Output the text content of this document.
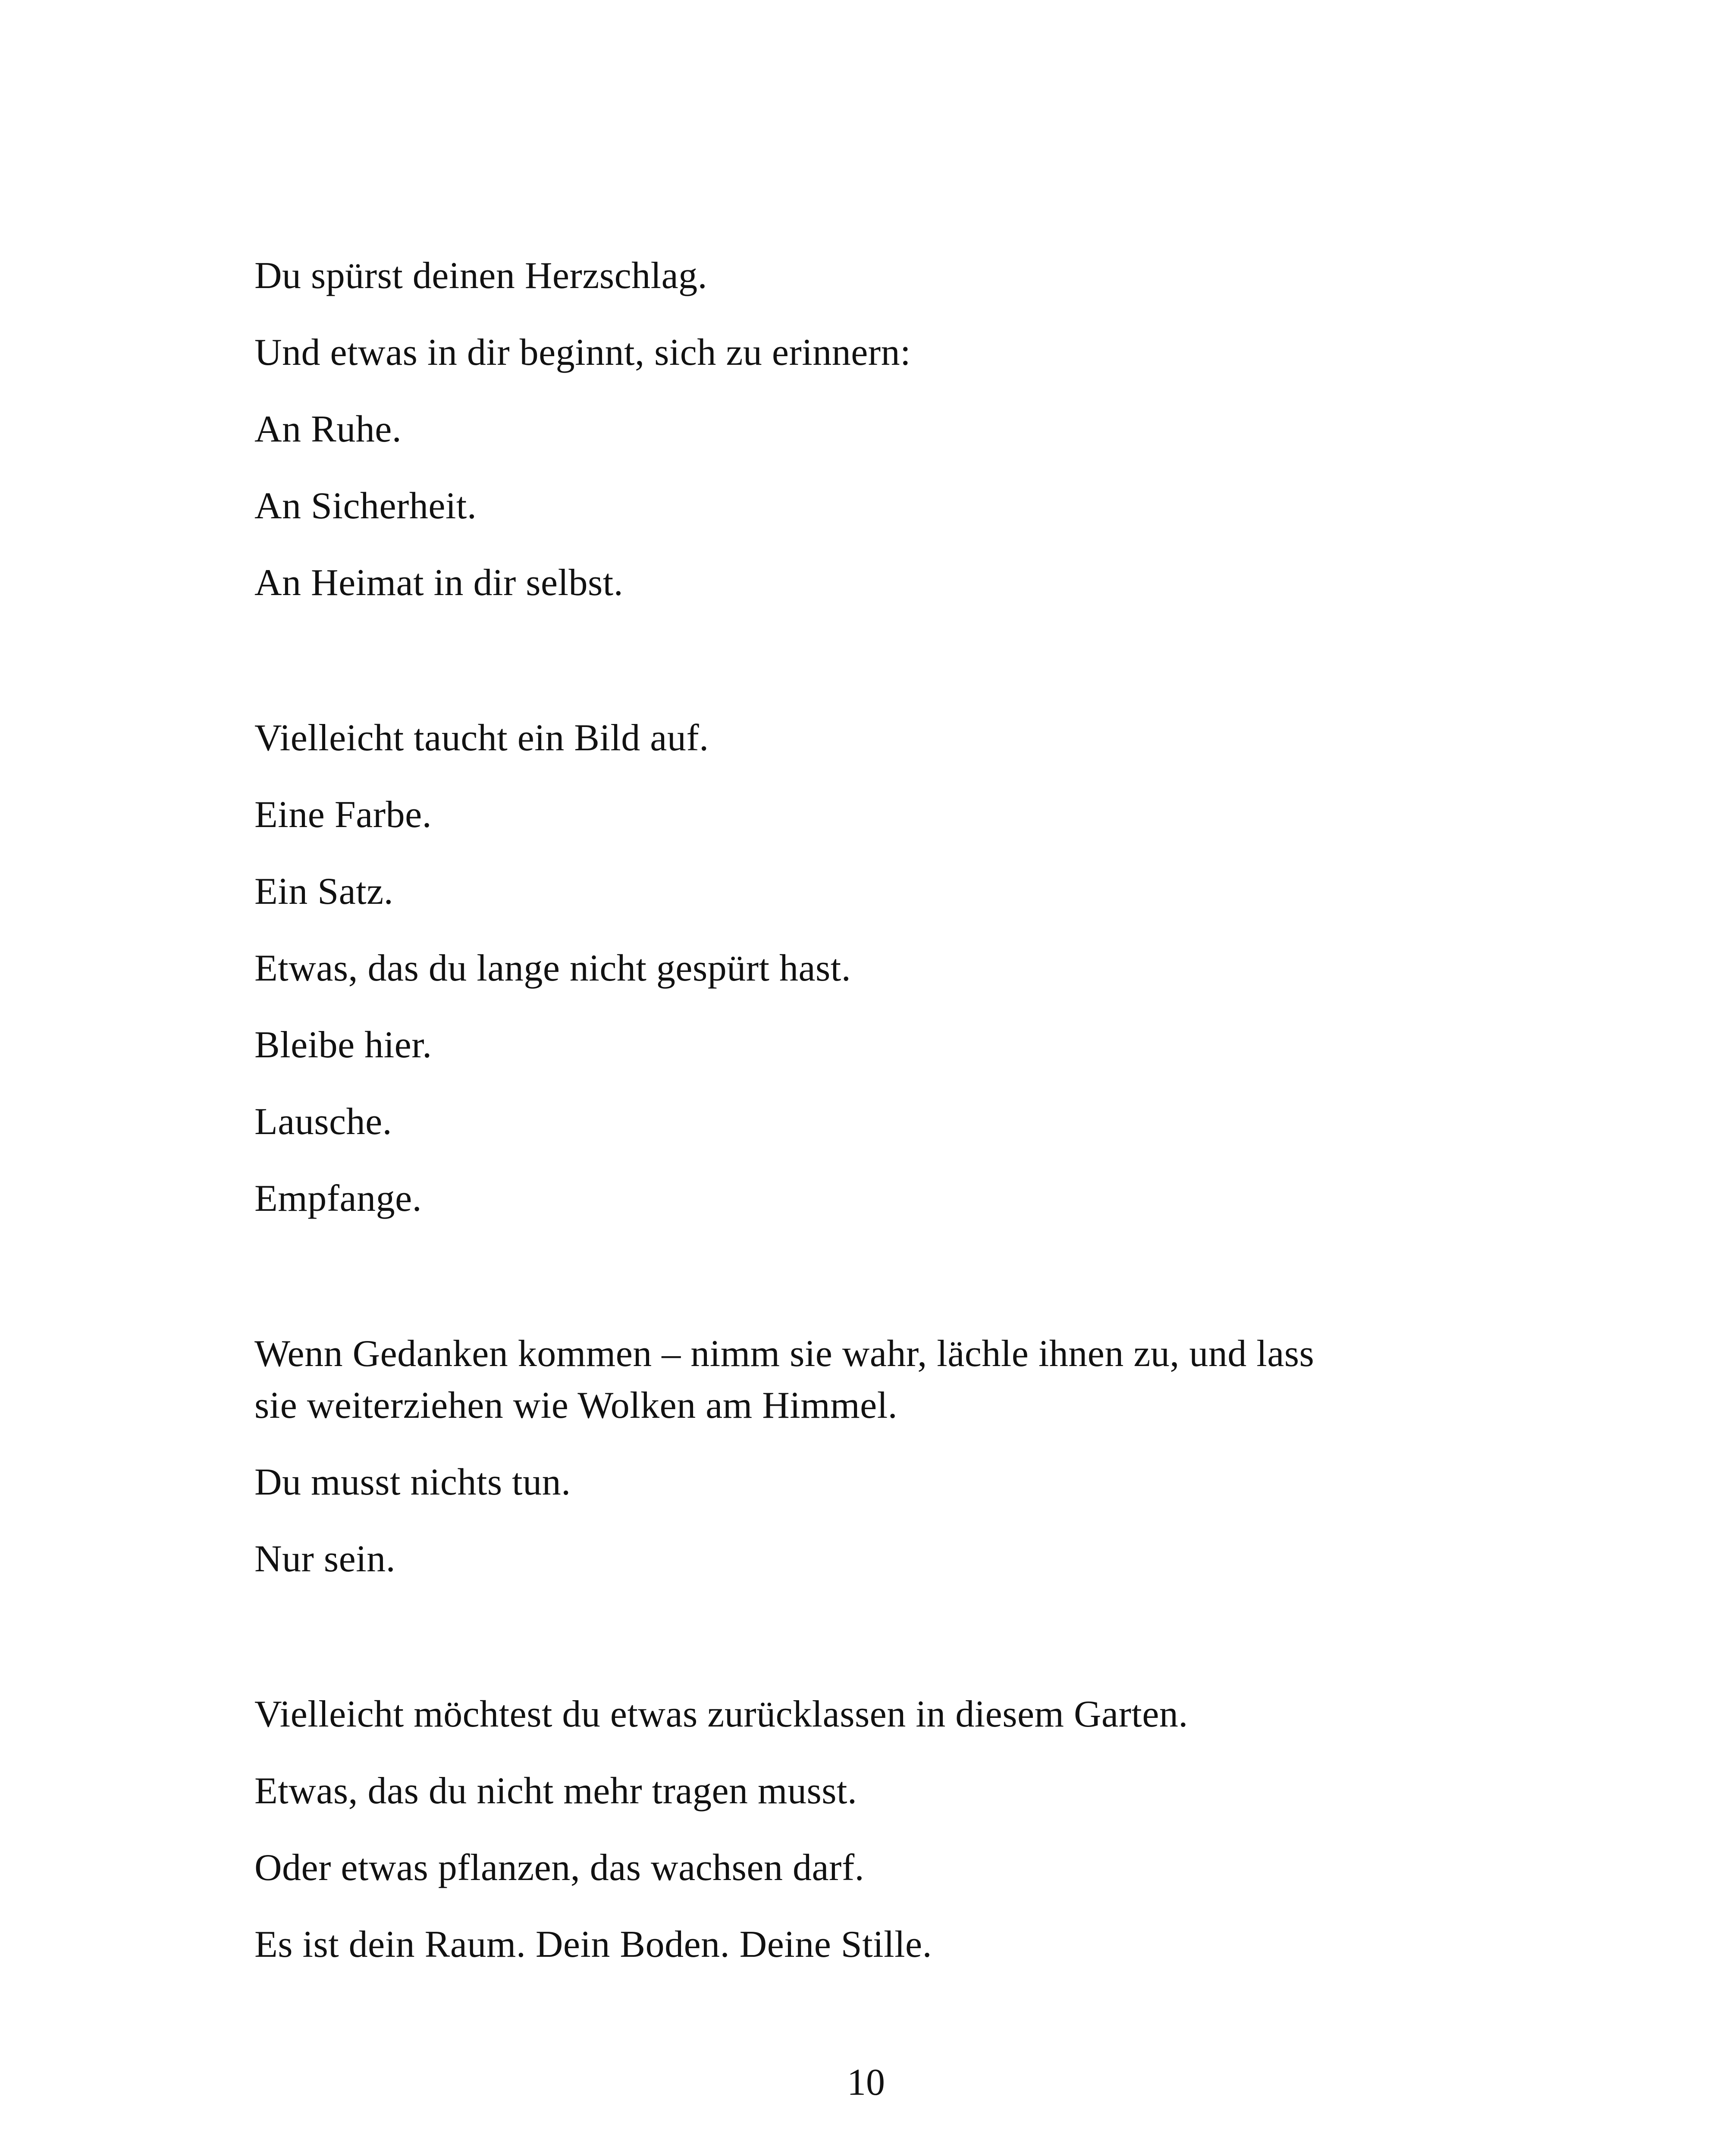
Du spürst deinen Herzschlag.

Und etwas in dir beginnt, sich zu erinnern:

An Ruhe.

An Sicherheit.

An Heimat in dir selbst.

Vielleicht taucht ein Bild auf.

Eine Farbe.

Ein Satz.

Etwas, das du lange nicht gespürt hast.

Bleibe hier.

Lausche.

Empfange.

Wenn Gedanken kommen – nimm sie wahr, lächle ihnen zu, und lass

sie weiterziehen wie Wolken am Himmel.

Du musst nichts tun.

Nur sein.

Vielleicht möchtest du etwas zurücklassen in diesem Garten.

Etwas, das du nicht mehr tragen musst.

Oder etwas pflanzen, das wachsen darf.

Es ist dein Raum. Dein Boden. Deine Stille.

10
